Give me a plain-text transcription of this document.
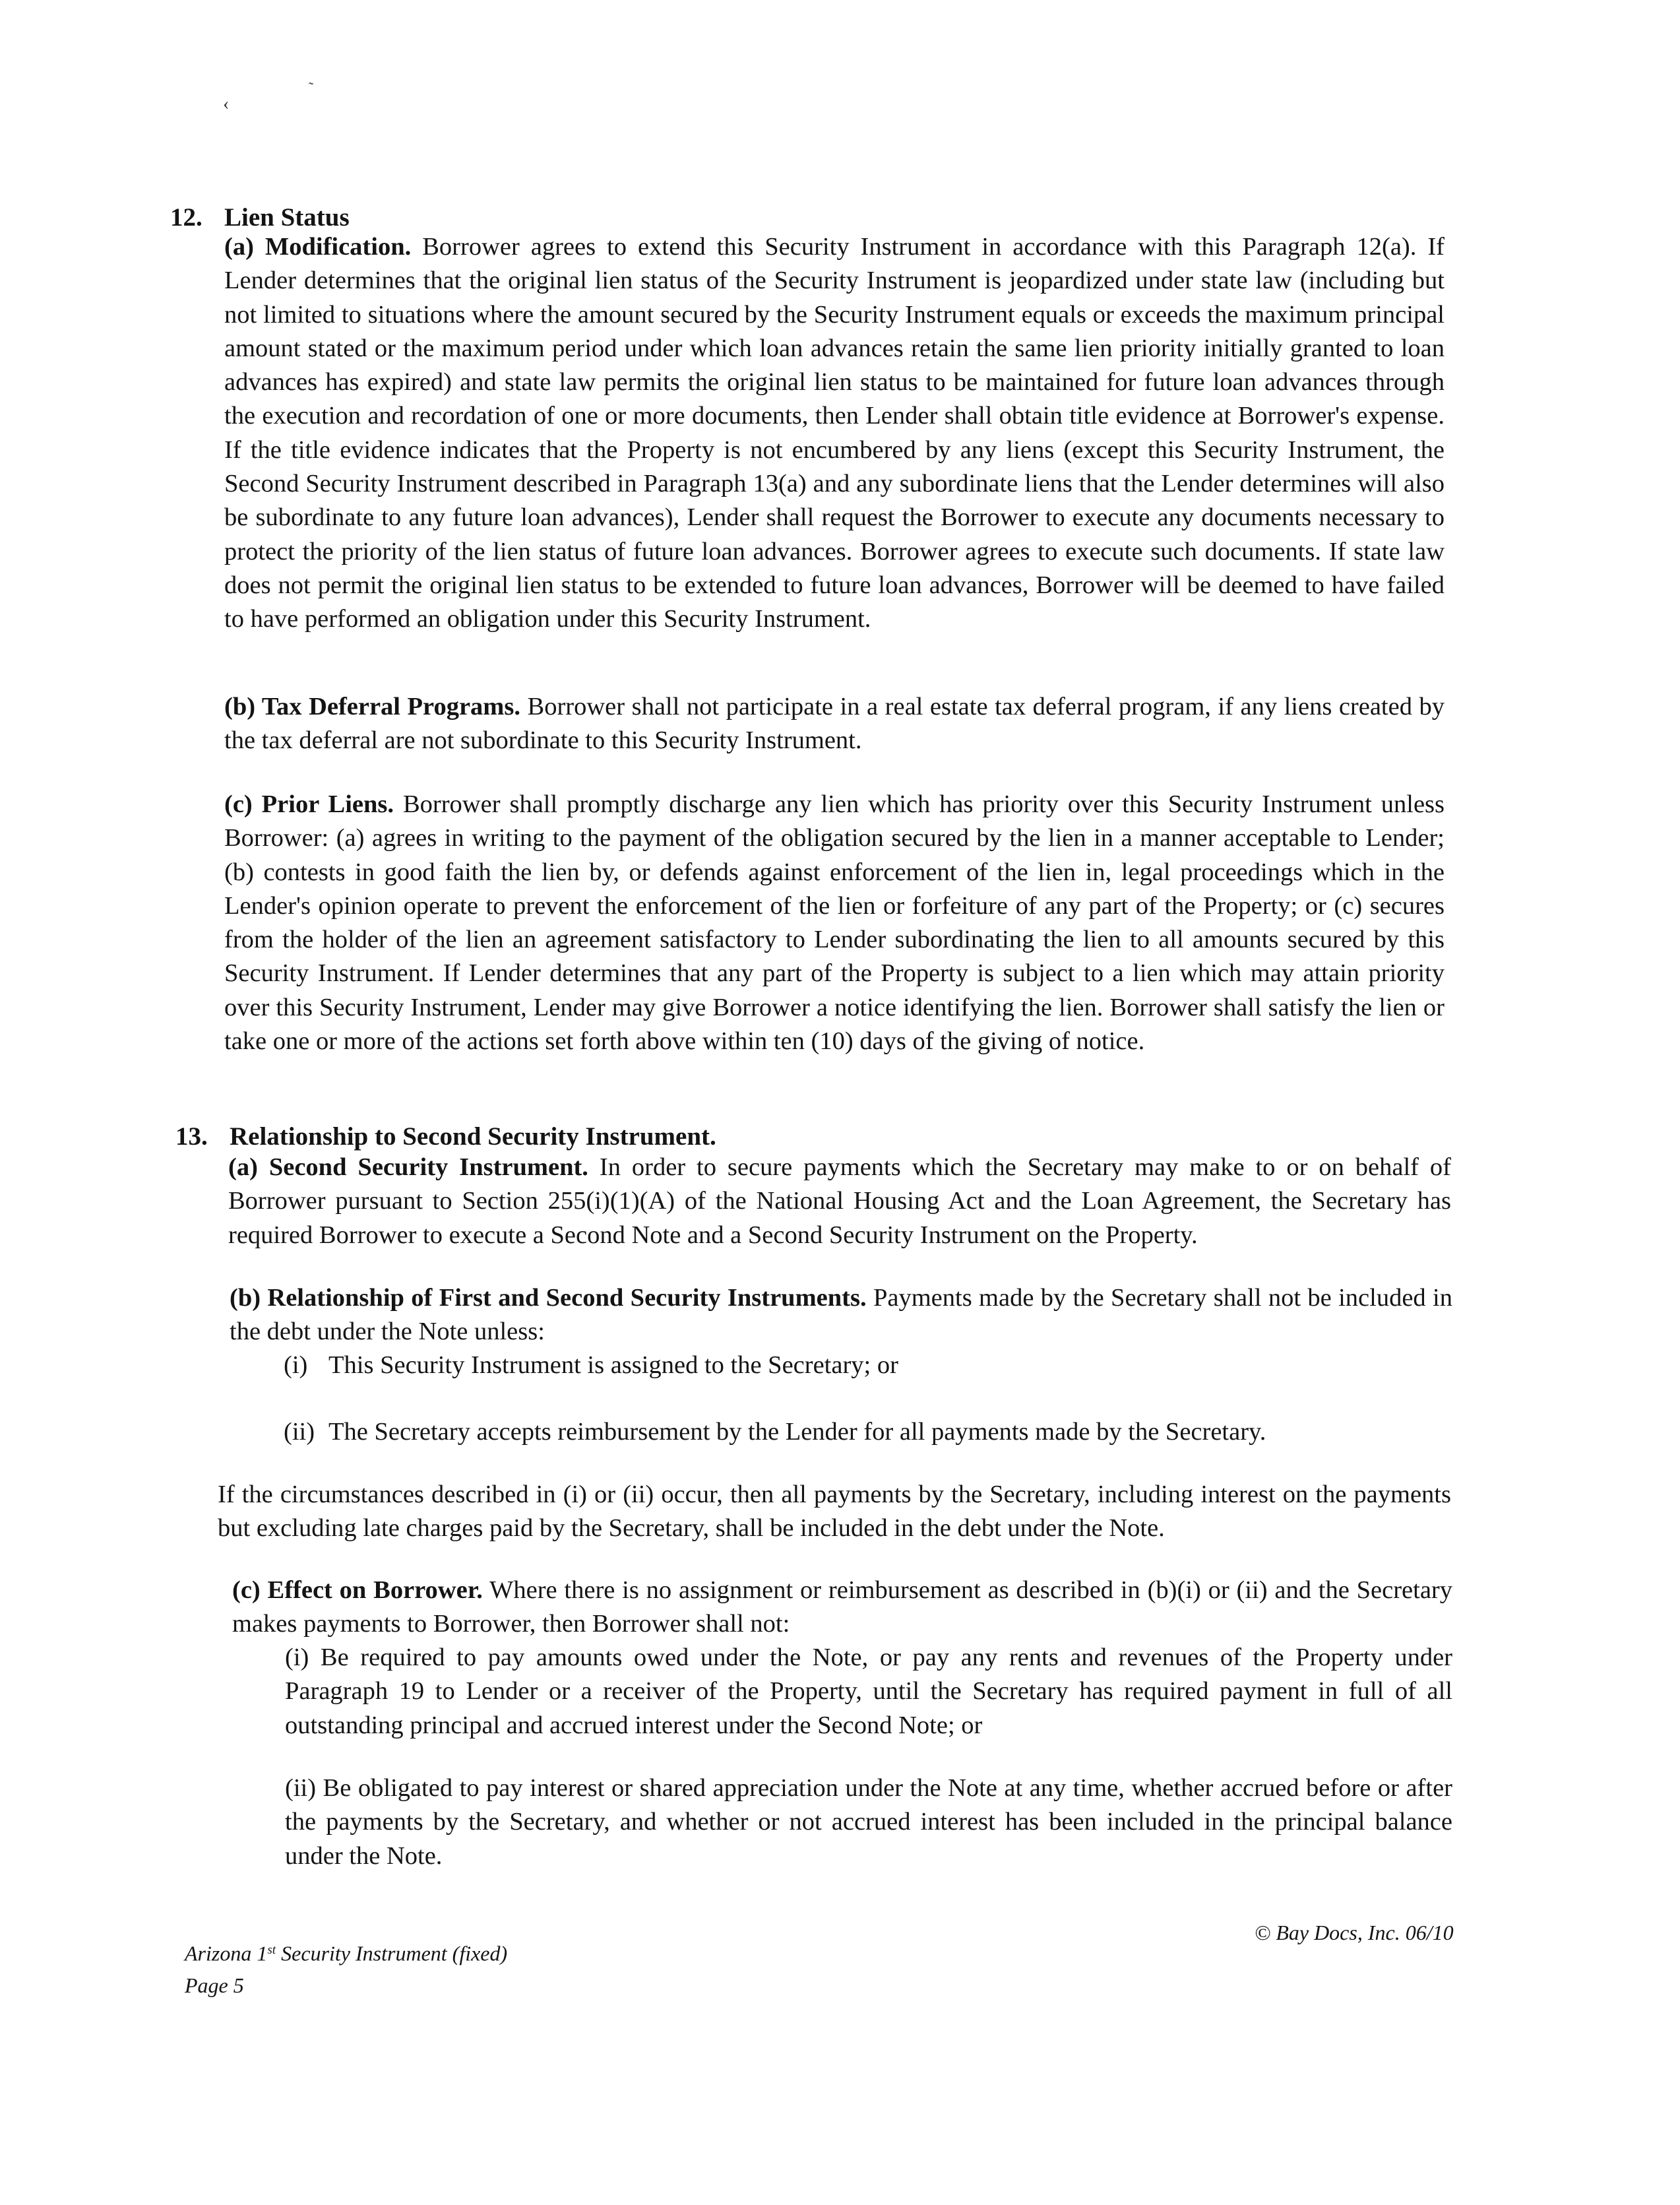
‹
˜
12. Lien Status
(a) Modification. Borrower agrees to extend this Security Instrument in accordance with this Paragraph 12(a). If Lender determines that the original lien status of the Security Instrument is jeopardized under state law (including but not limited to situations where the amount secured by the Security Instrument equals or exceeds the maximum principal amount stated or the maximum period under which loan advances retain the same lien priority initially granted to loan advances has expired) and state law permits the original lien status to be maintained for future loan advances through the execution and recordation of one or more documents, then Lender shall obtain title evidence at Borrower's expense. If the title evidence indicates that the Property is not encumbered by any liens (except this Security Instrument, the Second Security Instrument described in Paragraph 13(a) and any subordinate liens that the Lender determines will also be subordinate to any future loan advances), Lender shall request the Borrower to execute any documents necessary to protect the priority of the lien status of future loan advances. Borrower agrees to execute such documents. If state law does not permit the original lien status to be extended to future loan advances, Borrower will be deemed to have failed to have performed an obligation under this Security Instrument.
(b) Tax Deferral Programs. Borrower shall not participate in a real estate tax deferral program, if any liens created by the tax deferral are not subordinate to this Security Instrument.
(c) Prior Liens. Borrower shall promptly discharge any lien which has priority over this Security Instrument unless Borrower: (a) agrees in writing to the payment of the obligation secured by the lien in a manner acceptable to Lender; (b) contests in good faith the lien by, or defends against enforcement of the lien in, legal proceedings which in the Lender's opinion operate to prevent the enforcement of the lien or forfeiture of any part of the Property; or (c) secures from the holder of the lien an agreement satisfactory to Lender subordinating the lien to all amounts secured by this Security Instrument. If Lender determines that any part of the Property is subject to a lien which may attain priority over this Security Instrument, Lender may give Borrower a notice identifying the lien. Borrower shall satisfy the lien or take one or more of the actions set forth above within ten (10) days of the giving of notice.
13. Relationship to Second Security Instrument.
(a) Second Security Instrument. In order to secure payments which the Secretary may make to or on behalf of Borrower pursuant to Section 255(i)(1)(A) of the National Housing Act and the Loan Agreement, the Secretary has required Borrower to execute a Second Note and a Second Security Instrument on the Property.
(b) Relationship of First and Second Security Instruments. Payments made by the Secretary shall not be included in the debt under the Note unless:
(i) This Security Instrument is assigned to the Secretary; or
(ii) The Secretary accepts reimbursement by the Lender for all payments made by the Secretary.
If the circumstances described in (i) or (ii) occur, then all payments by the Secretary, including interest on the payments but excluding late charges paid by the Secretary, shall be included in the debt under the Note.
(c) Effect on Borrower. Where there is no assignment or reimbursement as described in (b)(i) or (ii) and the Secretary makes payments to Borrower, then Borrower shall not:
(i) Be required to pay amounts owed under the Note, or pay any rents and revenues of the Property under Paragraph 19 to Lender or a receiver of the Property, until the Secretary has required payment in full of all outstanding principal and accrued interest under the Second Note; or
(ii) Be obligated to pay interest or shared appreciation under the Note at any time, whether accrued before or after the payments by the Secretary, and whether or not accrued interest has been included in the principal balance under the Note.
Arizona 1st Security Instrument (fixed)
Page 5
© Bay Docs, Inc. 06/10
